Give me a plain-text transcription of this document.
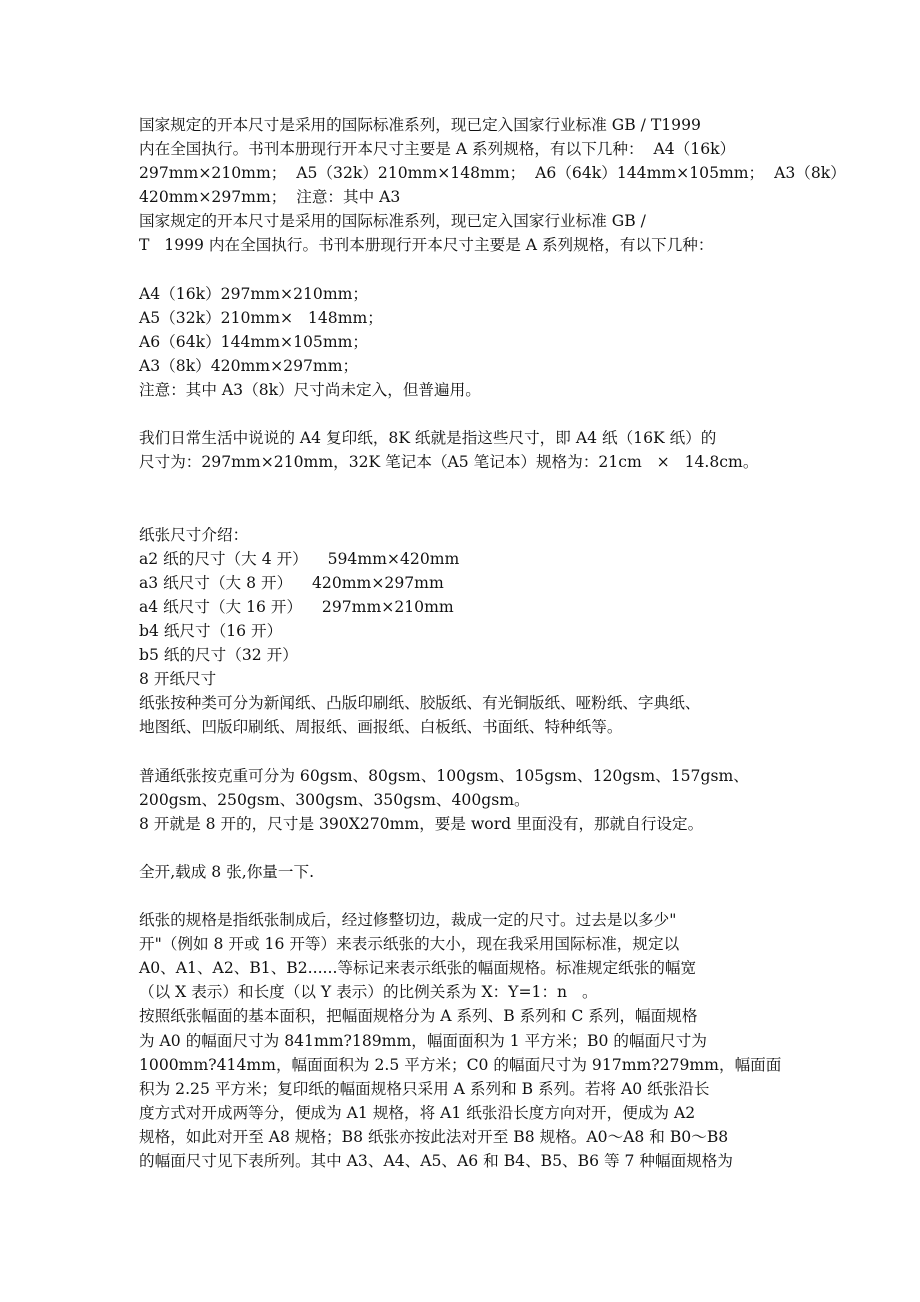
国家规定的开本尺寸是采用的国际标准系列，现已定入国家行业标准 GB / T1999
内在全国执行。书刊本册现行开本尺寸主要是 A 系列规格，有以下几种：  A4（16k）
297mm×210mm；  A5（32k）210mm×148mm；  A6（64k）144mm×105mm；  A3（8k）
420mm×297mm；  注意：其中 A3
国家规定的开本尺寸是采用的国际标准系列，现已定入国家行业标准 GB /
T   1999 内在全国执行。书刊本册现行开本尺寸主要是 A 系列规格，有以下几种：
A4（16k）297mm×210mm；
A5（32k）210mm×   148mm；
A6（64k）144mm×105mm；
A3（8k）420mm×297mm；
注意：其中 A3（8k）尺寸尚未定入，但普遍用。
我们日常生活中说说的 A4 复印纸，8K 纸就是指这些尺寸，即 A4 纸（16K 纸）的
尺寸为：297mm×210mm，32K 笔记本（A5 笔记本）规格为：21cm   ×   14.8cm。
纸张尺寸介绍：
a2 纸的尺寸（大 4 开）    594mm×420mm
a3 纸尺寸（大 8 开）    420mm×297mm
a4 纸尺寸（大 16 开）    297mm×210mm
b4 纸尺寸（16 开）
b5 纸的尺寸（32 开）
8 开纸尺寸
纸张按种类可分为新闻纸、凸版印刷纸、胶版纸、有光铜版纸、哑粉纸、字典纸、
地图纸、凹版印刷纸、周报纸、画报纸、白板纸、书面纸、特种纸等。
普通纸张按克重可分为 60gsm、80gsm、100gsm、105gsm、120gsm、157gsm、
200gsm、250gsm、300gsm、350gsm、400gsm。
8 开就是 8 开的，尺寸是 390X270mm，要是 word 里面没有，那就自行设定。
全开,载成 8 张,你量一下.
纸张的规格是指纸张制成后，经过修整切边，裁成一定的尺寸。过去是以多少"
开"（例如 8 开或 16 开等）来表示纸张的大小，现在我采用国际标准，规定以
A0、A1、A2、B1、B2......等标记来表示纸张的幅面规格。标准规定纸张的幅宽
（以 X 表示）和长度（以 Y 表示）的比例关系为 X：Y=1：n   。
按照纸张幅面的基本面积，把幅面规格分为 A 系列、B 系列和 C 系列，幅面规格
为 A0 的幅面尺寸为 841mm?189mm，幅面面积为 1 平方米；B0 的幅面尺寸为
1000mm?414mm，幅面面积为 2.5 平方米；C0 的幅面尺寸为 917mm?279mm，幅面面
积为 2.25 平方米；复印纸的幅面规格只采用 A 系列和 B 系列。若将 A0 纸张沿长
度方式对开成两等分，便成为 A1 规格，将 A1 纸张沿长度方向对开，便成为 A2
规格，如此对开至 A8 规格；B8 纸张亦按此法对开至 B8 规格。A0～A8 和 B0～B8
的幅面尺寸见下表所列。其中 A3、A4、A5、A6 和 B4、B5、B6 等 7 种幅面规格为
